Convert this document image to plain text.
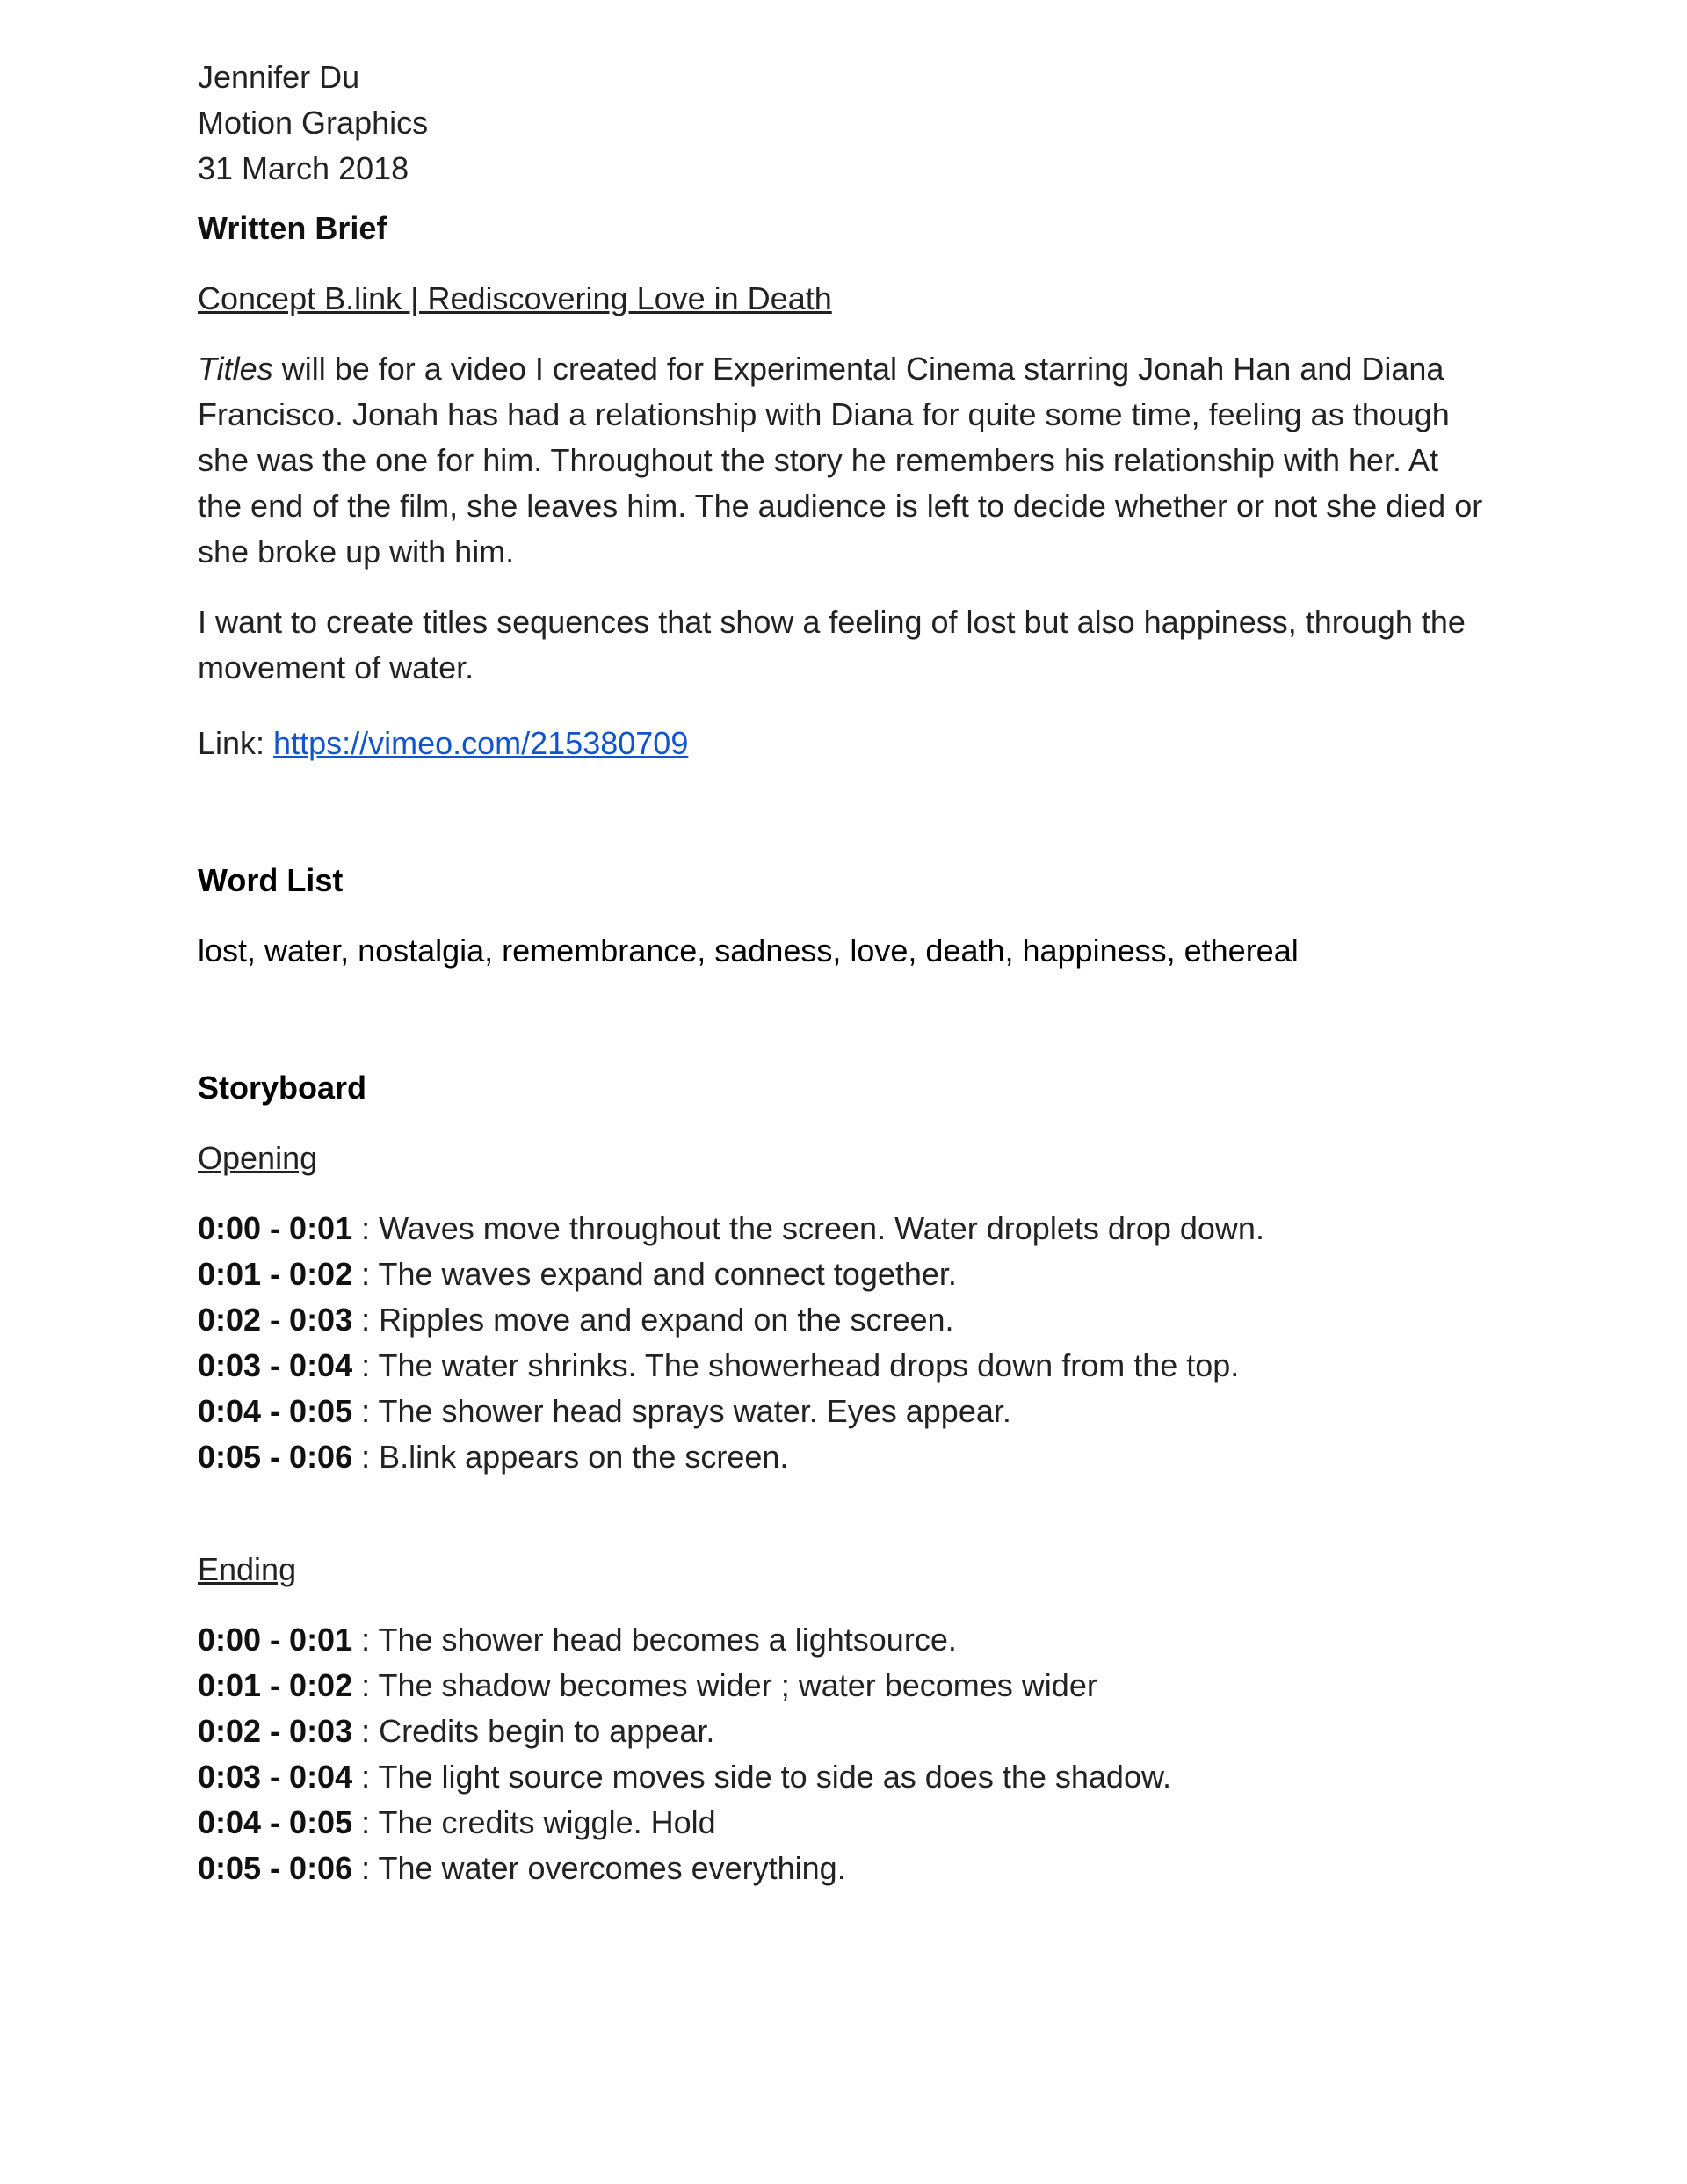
Jennifer Du

Motion Graphics

31 March 2018

Written Brief

Concept B.link | Rediscovering Love in Death

Titles will be for a video I created for Experimental Cinema starring Jonah Han and Diana Francisco. Jonah has had a relationship with Diana for quite some time, feeling as though she was the one for him. Throughout the story he remembers his relationship with her. At the end of the film, she leaves him. The audience is left to decide whether or not she died or she broke up with him.

I want to create titles sequences that show a feeling of lost but also happiness, through the movement of water.

Link: https://vimeo.com/215380709

Word List

lost, water, nostalgia, remembrance, sadness, love, death, happiness, ethereal

Storyboard

Opening

0:00 - 0:01 : Waves move throughout the screen. Water droplets drop down.

0:01 - 0:02 : The waves expand and connect together.

0:02 - 0:03 : Ripples move and expand on the screen.

0:03 - 0:04 : The water shrinks. The showerhead drops down from the top.

0:04 - 0:05 : The shower head sprays water. Eyes appear.

0:05 - 0:06 : B.link appears on the screen.

Ending

0:00 - 0:01 : The shower head becomes a lightsource.

0:01 - 0:02 : The shadow becomes wider ; water becomes wider

0:02 - 0:03 : Credits begin to appear.

0:03 - 0:04 : The light source moves side to side as does the shadow.

0:04 - 0:05 : The credits wiggle. Hold

0:05 - 0:06 : The water overcomes everything.
